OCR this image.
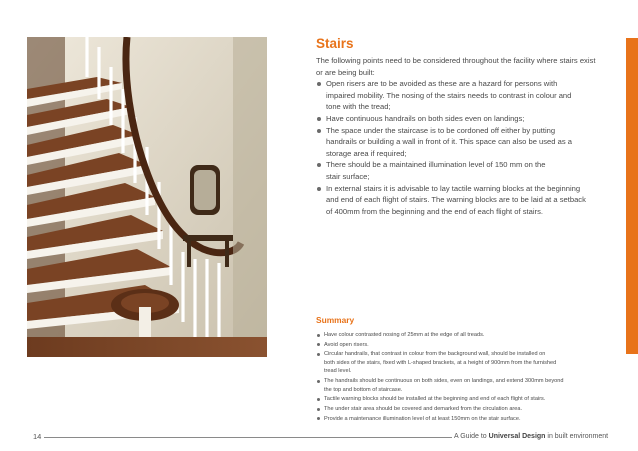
Stairs

The following points need to be considered throughout the facility where stairs exist or are being built:

Open risers are to be avoided as these are a hazard for persons with
impaired mobility. The nosing of the stairs needs to contrast in colour and
tone with the tread;
Have continuous handrails on both sides even on landings;
The space under the staircase is to be cordoned off either by putting
handrails or building a wall in front of it. This space can also be used as a
storage area if required;
There should be a maintained illumination level of 150 mm on the
stair surface;
In external stairs it is advisable to lay tactile warning blocks at the beginning
and end of each flight of stairs. The warning blocks are to be laid at a setback
of 400mm from the beginning and the end of each flight of stairs.
Summary
Have colour contrasted nosing of 25mm at the edge of all treads.
Avoid open risers.
Circular handrails, that contrast in colour from the background wall, should be installed on
both sides of the stairs, fixed with L-shaped brackets, at a height of 900mm from the furnished
tread level.
The handrails should be continuous on both sides, even on landings, and extend 300mm beyond
the top and bottom of staircase.
Tactile warning blocks should be installed at the beginning and end of each flight of stairs.
The under stair area should be covered and demarked from the circulation area.
Provide a maintenance illumination level of at least 150mm on the stair surface.
14	A Guide to Universal Design in built environment
